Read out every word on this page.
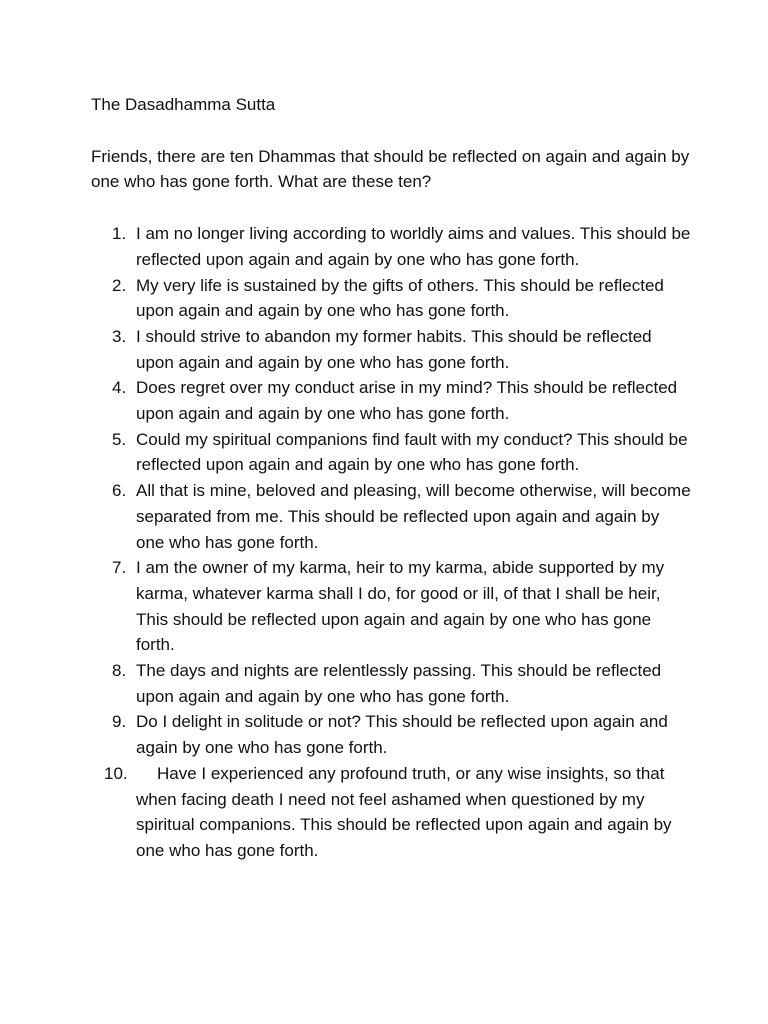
The Dasadhamma Sutta

Friends, there are ten Dhammas that should be reflected on again and again by one who has gone forth. What are these ten?

1. I am no longer living according to worldly aims and values. This should be reflected upon again and again by one who has gone forth.
2. My very life is sustained by the gifts of others. This should be reflected upon again and again by one who has gone forth.
3. I should strive to abandon my former habits. This should be reflected upon again and again by one who has gone forth.
4. Does regret over my conduct arise in my mind? This should be reflected upon again and again by one who has gone forth.
5. Could my spiritual companions find fault with my conduct? This should be reflected upon again and again by one who has gone forth.
6. All that is mine, beloved and pleasing, will become otherwise, will become separated from me. This should be reflected upon again and again by one who has gone forth.
7. I am the owner of my karma, heir to my karma, abide supported by my karma, whatever karma shall I do, for good or ill, of that I shall be heir, This should be reflected upon again and again by one who has gone forth.
8. The days and nights are relentlessly passing. This should be reflected upon again and again by one who has gone forth.
9. Do I delight in solitude or not? This should be reflected upon again and again by one who has gone forth.
10.	Have I experienced any profound truth, or any wise insights, so that when facing death I need not feel ashamed when questioned by my spiritual companions. This should be reflected upon again and again by one who has gone forth.
